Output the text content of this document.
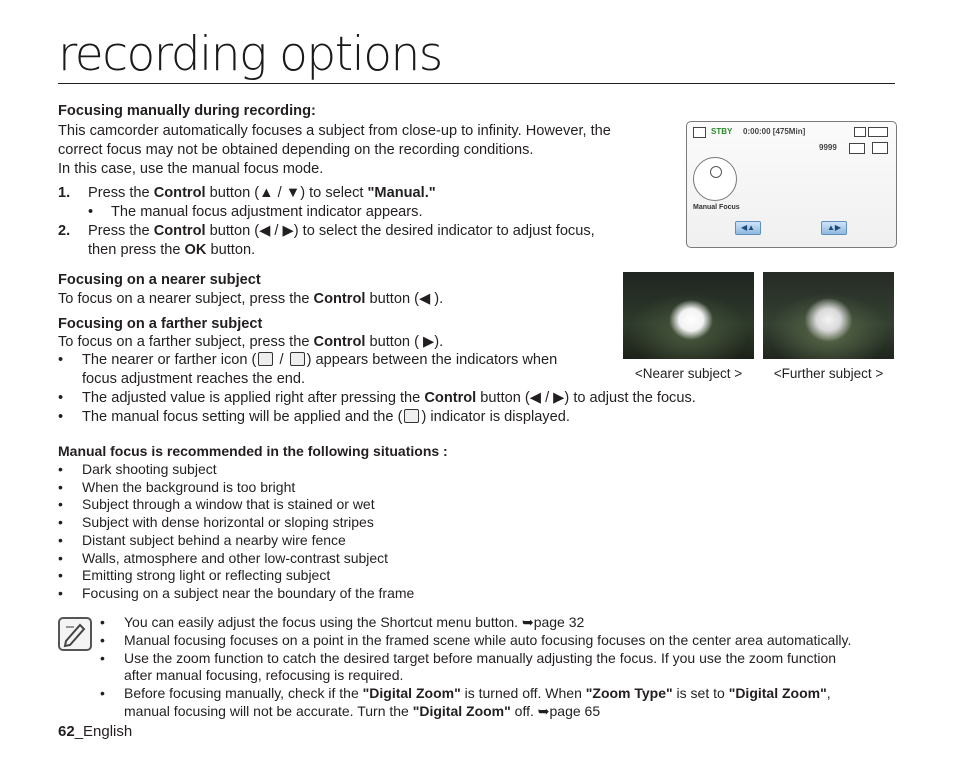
recording options
Focusing manually during recording:
This camcorder automatically focuses a subject from close-up to infinity. However, the
correct focus may not be obtained depending on the recording conditions.
In this case, use the manual focus mode.
1. Press the Control button (▲ / ▼) to select "Manual."
• The manual focus adjustment indicator appears.
2. Press the Control button (◀ / ▶) to select the desired indicator to adjust focus,
then press the OK button.
STBY 0:00:00 [475Min]
9999
Manual Focus
◀▲	▲▶
Focusing on a nearer subject
To focus on a nearer subject, press the Control button (◀ ).
Focusing on a farther subject
To focus on a farther subject, press the Control button ( ▶).
• The nearer or farther icon ( / ) appears between the indicators when
focus adjustment reaches the end.
• The adjusted value is applied right after pressing the Control button (◀ / ▶) to adjust the focus.
• The manual focus setting will be applied and the ( ) indicator is displayed.
<Nearer subject >	<Further subject >
Manual focus is recommended in the following situations :
• Dark shooting subject
• When the background is too bright
• Subject through a window that is stained or wet
• Subject with dense horizontal or sloping stripes
• Distant subject behind a nearby wire fence
• Walls, atmosphere and other low-contrast subject
• Emitting strong light or reflecting subject
• Focusing on a subject near the boundary of the frame
• You can easily adjust the focus using the Shortcut menu button. ➥page 32
• Manual focusing focuses on a point in the framed scene while auto focusing focuses on the center area automatically.
• Use the zoom function to catch the desired target before manually adjusting the focus. If you use the zoom function
after manual focusing, refocusing is required.
• Before focusing manually, check if the "Digital Zoom" is turned off. When "Zoom Type" is set to "Digital Zoom",
manual focusing will not be accurate. Turn the "Digital Zoom" off. ➥page 65
62_English
